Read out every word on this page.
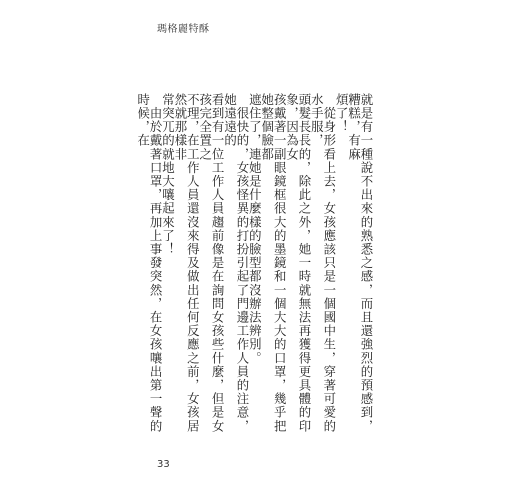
瑪格麗特酥
就是有一種說不出來的熟悉之感，而且還強烈的預感到，糟糕，有麻
煩了！
　從身形看上去，女孩應該只是一個國中生，穿著可愛的水手服，
頭髮長長的，除此之外，她一時就無法再獲得更具體的印象，因為女
孩戴著一副眼鏡框很大的墨鏡和一個大大的口罩，幾乎把她整個臉都
遮住了，連她是什麼樣的臉型都沒辦法辨別。
　很快的，女孩怪異的打扮引起了門邊工作人員的注意，她遠遠的
看到有一位工作人員趨前像是在詢問女孩些什麼，但是女孩完全置之
不理，在工作人員還沒來得及做出任何反應之前，女孩居然就那樣非
常突兀的就地大嚷起來了！
　由於戴著口罩，再加上事發突然，在女孩嚷出第一聲的時候，在
33
